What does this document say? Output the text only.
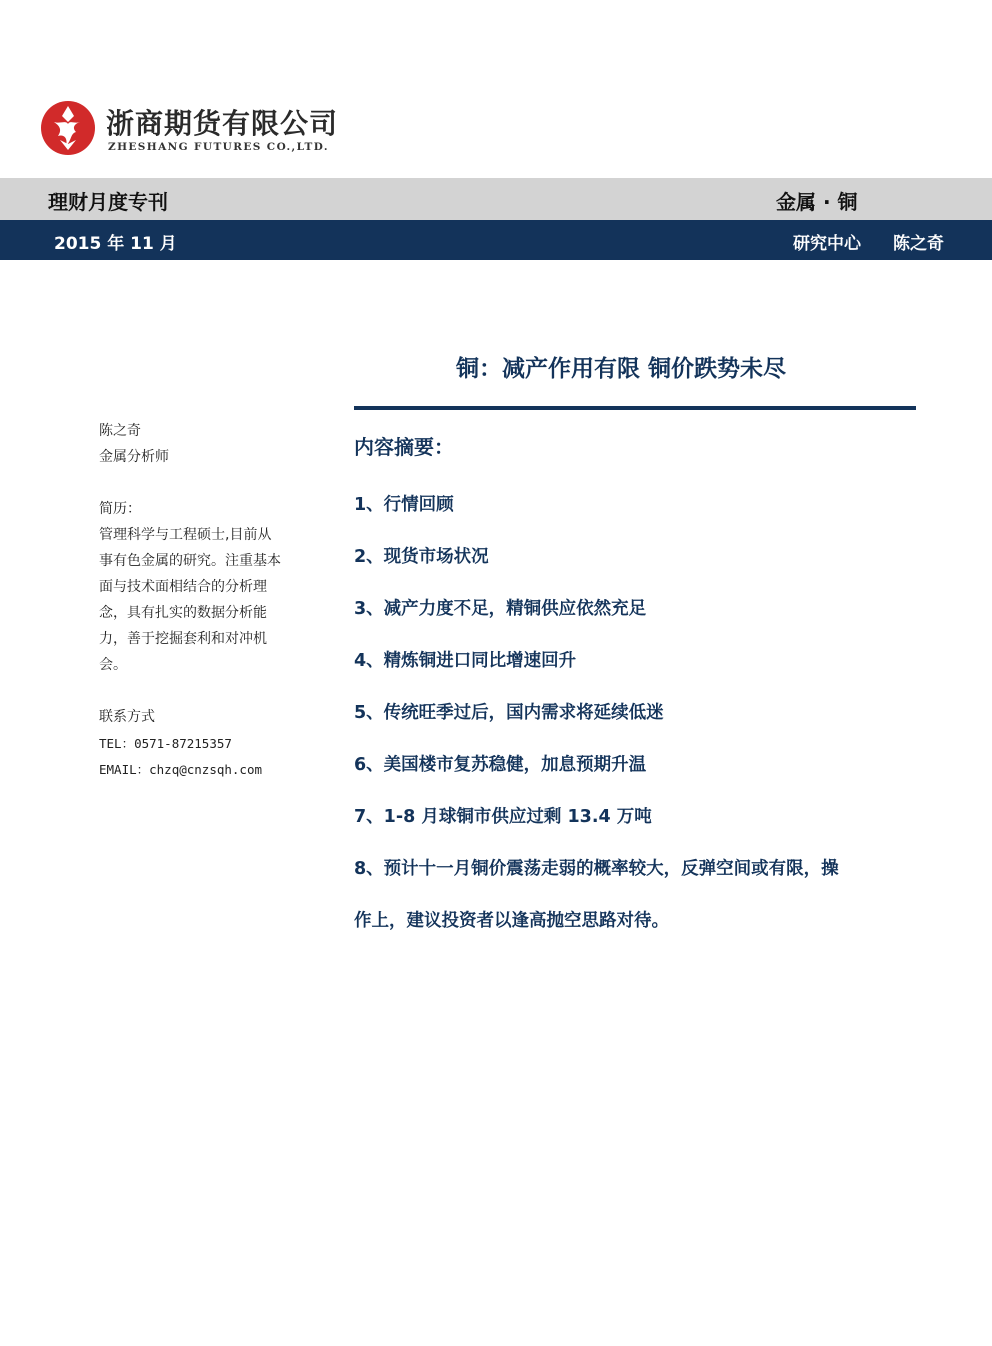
浙商期货有限公司
ZHESHANG FUTURES CO.,LTD.
理财月度专刊	金属 · 铜
2015 年 11 月	研究中心 陈之奇
铜：减产作用有限 铜价跌势未尽
陈之奇
金属分析师
简历：
管理科学与工程硕士,目前从
事有色金属的研究。注重基本
面与技术面相结合的分析理
念，具有扎实的数据分析能
力，善于挖掘套利和对冲机
会。
联系方式
TEL：0571-87215357
EMAIL：chzq@cnzsqh.com
内容摘要：
1、行情回顾
2、现货市场状况
3、减产力度不足，精铜供应依然充足
4、精炼铜进口同比增速回升
5、传统旺季过后，国内需求将延续低迷
6、美国楼市复苏稳健，加息预期升温
7、1-8 月球铜市供应过剩 13.4 万吨
8、预计十一月铜价震荡走弱的概率较大，反弹空间或有限，操
作上，建议投资者以逢高抛空思路对待。
